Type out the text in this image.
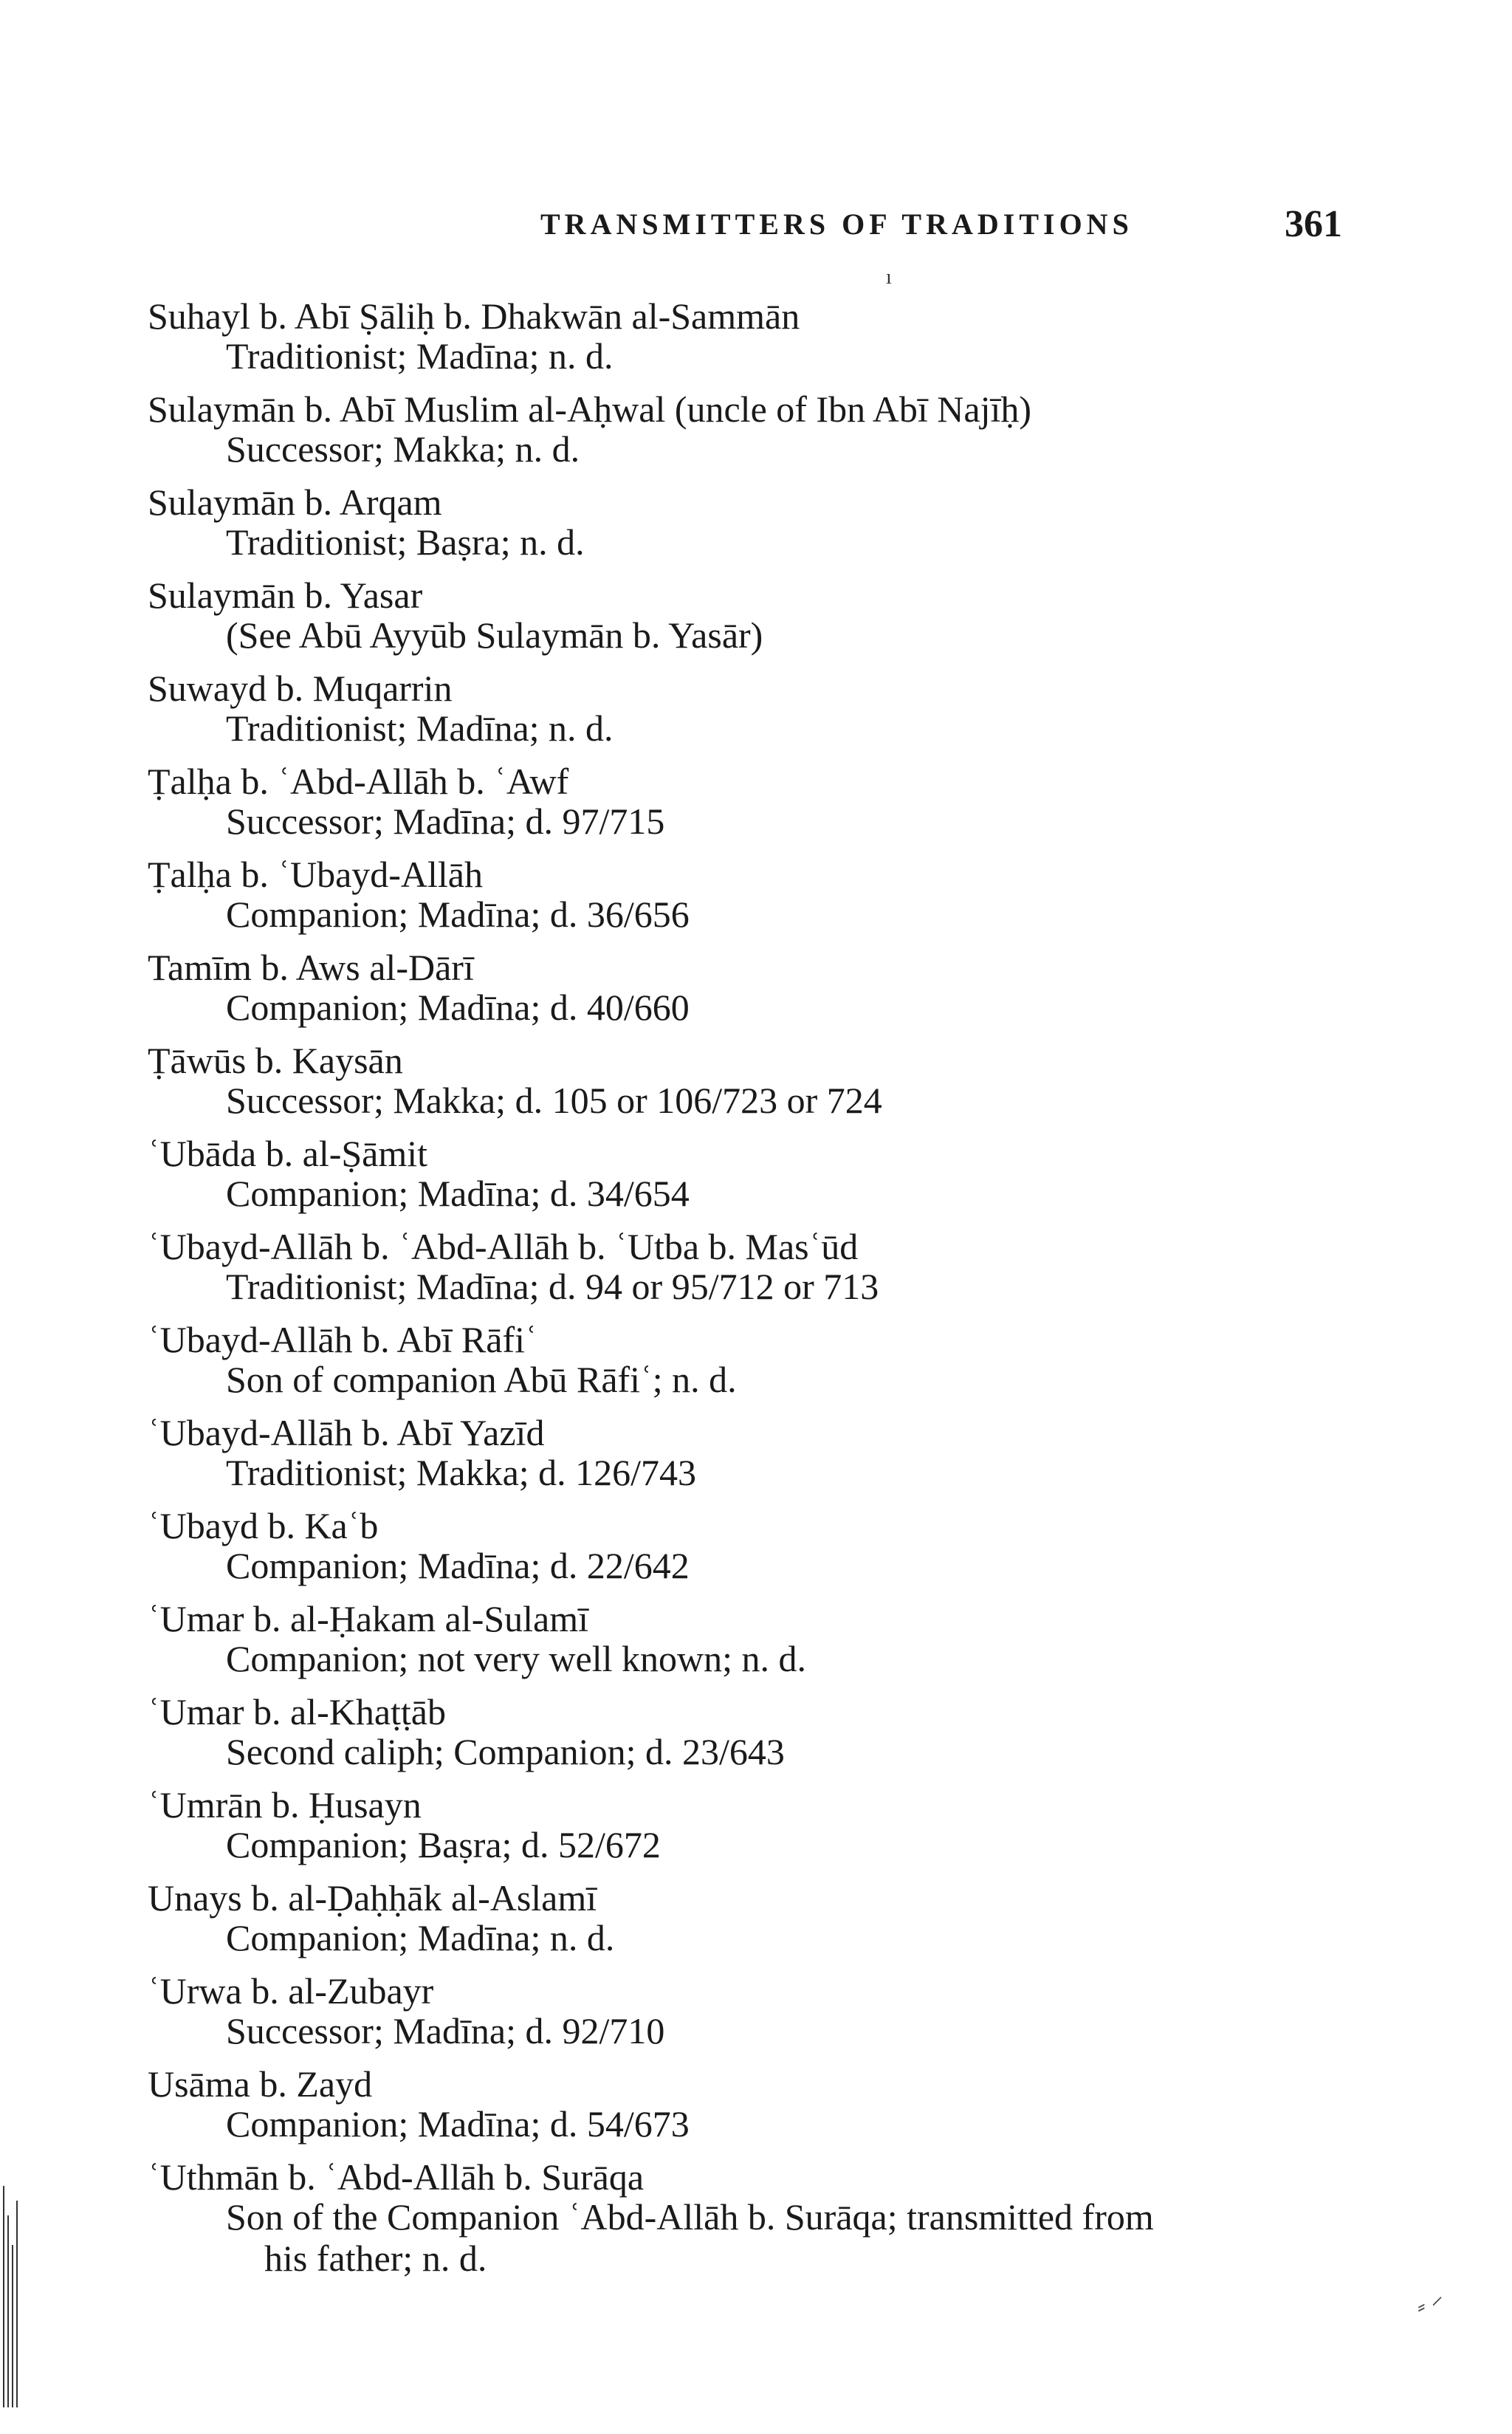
TRANSMITTERS OF TRADITIONS	361
ı
Suhayl b. Abī Ṣāliḥ b. Dhakwān al-Sammān
Traditionist; Madīna; n. d.
Sulaymān b. Abī Muslim al-Aḥwal (uncle of Ibn Abī Najīḥ)
Successor; Makka; n. d.
Sulaymān b. Arqam
Traditionist; Baṣra; n. d.
Sulaymān b. Yasar
(See Abū Ayyūb Sulaymān b. Yasār)
Suwayd b. Muqarrin
Traditionist; Madīna; n. d.
Ṭalḥa b. ʿAbd-Allāh b. ʿAwf
Successor; Madīna; d. 97/715
Ṭalḥa b. ʿUbayd-Allāh
Companion; Madīna; d. 36/656
Tamīm b. Aws al-Dārī
Companion; Madīna; d. 40/660
Ṭāwūs b. Kaysān
Successor; Makka; d. 105 or 106/723 or 724
ʿUbāda b. al-Ṣāmit
Companion; Madīna; d. 34/654
ʿUbayd-Allāh b. ʿAbd-Allāh b. ʿUtba b. Masʿūd
Traditionist; Madīna; d. 94 or 95/712 or 713
ʿUbayd-Allāh b. Abī Rāfiʿ
Son of companion Abū Rāfiʿ; n. d.
ʿUbayd-Allāh b. Abī Yazīd
Traditionist; Makka; d. 126/743
ʿUbayd b. Kaʿb
Companion; Madīna; d. 22/642
ʿUmar b. al-Ḥakam al-Sulamī
Companion; not very well known; n. d.
ʿUmar b. al-Khaṭṭāb
Second caliph; Companion; d. 23/643
ʿUmrān b. Ḥusayn
Companion; Baṣra; d. 52/672
Unays b. al-Ḍaḥḥāk al-Aslamī
Companion; Madīna; n. d.
ʿUrwa b. al-Zubayr
Successor; Madīna; d. 92/710
Usāma b. Zayd
Companion; Madīna; d. 54/673
ʿUthmān b. ʿAbd-Allāh b. Surāqa
Son of the Companion ʿAbd-Allāh b. Surāqa; transmitted from
his father; n. d.
⸗ ⸍
